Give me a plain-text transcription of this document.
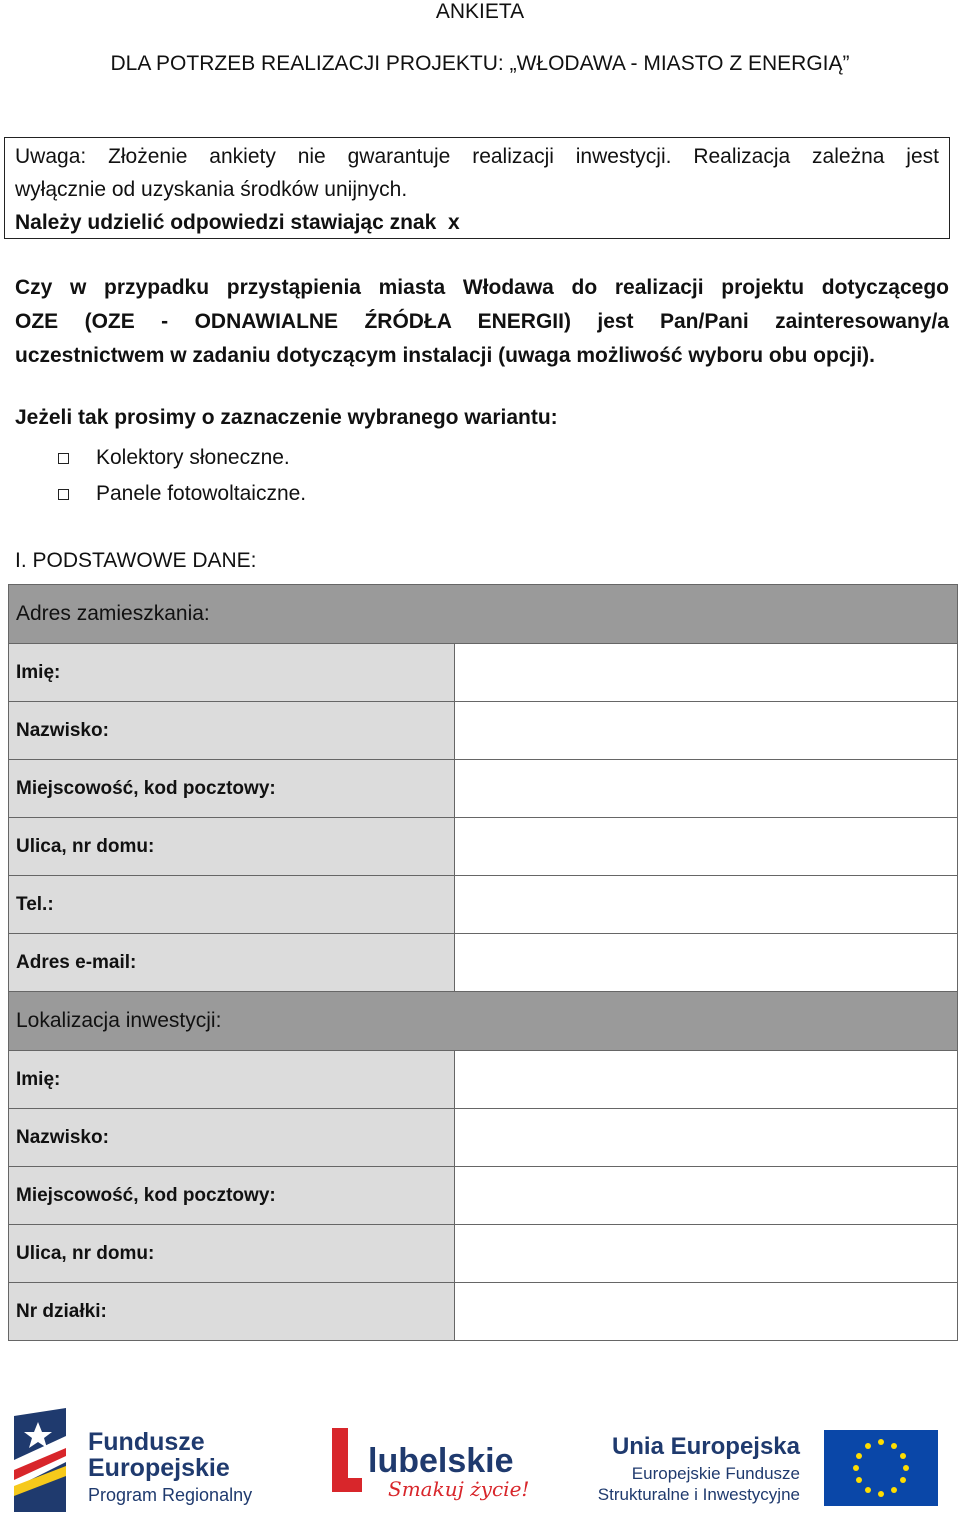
ANKIETA
DLA POTRZEB REALIZACJI PROJEKTU: „WŁODAWA - MIASTO Z ENERGIĄ”
Uwaga: Złożenie ankiety nie gwarantuje realizacji inwestycji. Realizacja zależna jest
wyłącznie od uzyskania środków unijnych.
Należy udzielić odpowiedzi stawiając znak  x

Czy w przypadku przystąpienia miasta Włodawa do realizacji projektu dotyczącego

OZE (OZE - ODNAWIALNE ŹRÓDŁA ENERGII) jest Pan/Pani zainteresowany/a

uczestnictwem w zadaniu dotyczącym instalacji (uwaga możliwość wyboru obu opcji).

Jeżeli tak prosimy o zaznaczenie wybranego wariantu:
Kolektory słoneczne.
Panele fotowoltaiczne.
I. PODSTAWOWE DANE:
Adres zamieszkania:	
Imię:	
Nazwisko:	
Miejscowość, kod pocztowy:	
Ulica, nr domu:	
Tel.:	
Adres e-mail:	
Lokalizacja inwestycji:	
Imię:	
Nazwisko:	
Miejscowość, kod pocztowy:	
Ulica, nr domu:	
Nr działki:	
Fundusze
Europejskie
Program Regionalny
lubelskie
Smakuj życie!
Unia Europejska
Europejskie Fundusze
Strukturalne i Inwestycyjne
